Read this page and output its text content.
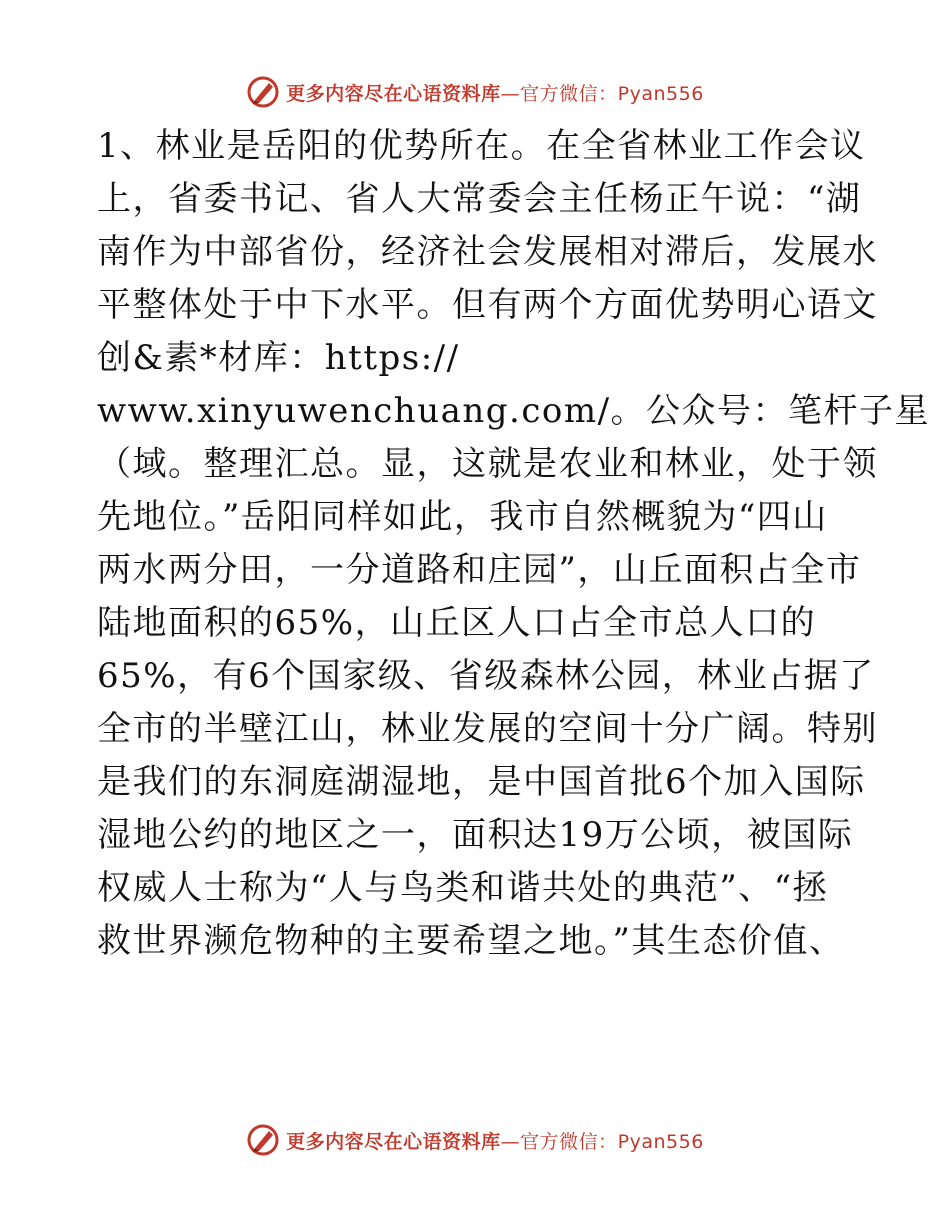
更多内容尽在心语资料库—官方微信：Pyan556
1、林业是岳阳的优势所在。在全省林业工作会议
上，省委书记、省人大常委会主任杨正午说：“湖
南作为中部省份，经济社会发展相对滞后，发展水
平整体处于中下水平。但有两个方面优势明心语文
创&素*材库：https://
www.xinyuwenchuang.com/。公众号：笔杆子星
（域。整理汇总。显，这就是农业和林业，处于领
先地位。”岳阳同样如此，我市自然概貌为“四山
两水两分田，一分道路和庄园”，山丘面积占全市
陆地面积的65%，山丘区人口占全市总人口的
65%，有6个国家级、省级森林公园，林业占据了
全市的半壁江山，林业发展的空间十分广阔。特别
是我们的东洞庭湖湿地，是中国首批6个加入国际
湿地公约的地区之一，面积达19万公顷，被国际
权威人士称为“人与鸟类和谐共处的典范”、“拯
救世界濒危物种的主要希望之地。”其生态价值、
更多内容尽在心语资料库—官方微信：Pyan556
